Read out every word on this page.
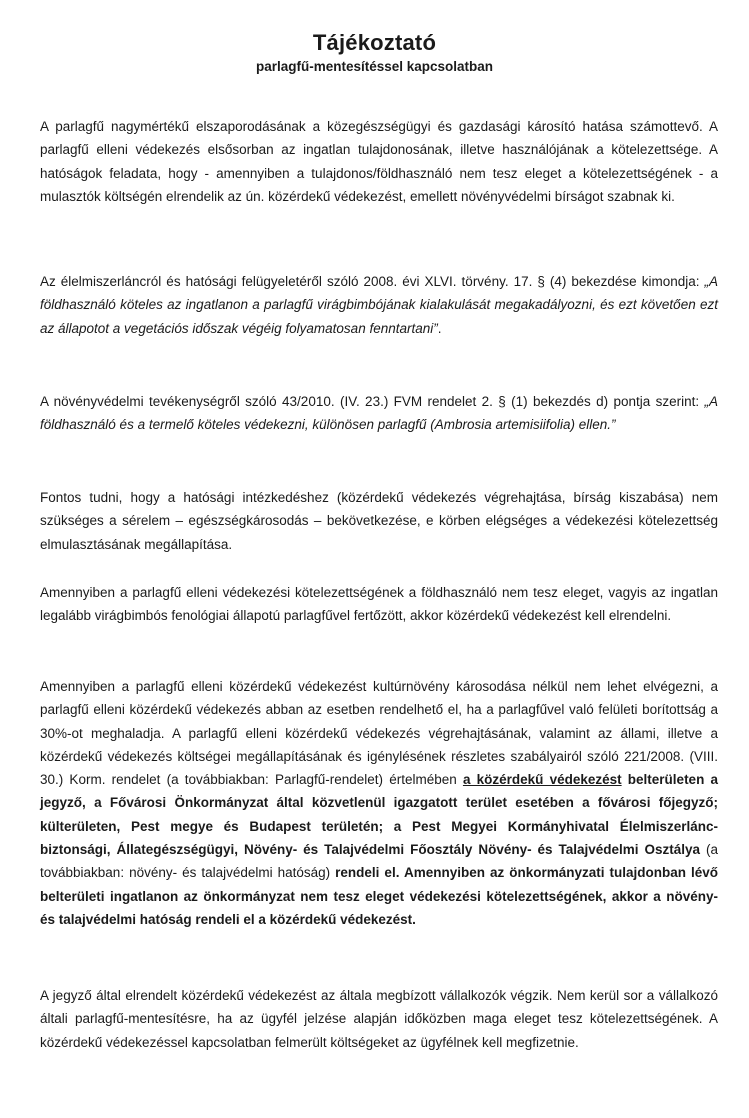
Tájékoztató
parlagfű-mentesítéssel kapcsolatban

A parlagfű nagymértékű elszaporodásának a közegészségügyi és gazdasági károsító hatása számottevő. A parlagfű elleni védekezés elsősorban az ingatlan tulajdonosának, illetve használójának a kötelezettsége. A hatóságok feladata, hogy - amennyiben a tulajdonos/földhasználó nem tesz eleget a kötelezettségének - a mulasztók költségén elrendelik az ún. közérdekű védekezést, emellett növényvédelmi bírságot szabnak ki.

Az élelmiszerláncról és hatósági felügyeletéről szóló 2008. évi XLVI. törvény. 17. § (4) bekezdése kimondja: „A földhasználó köteles az ingatlanon a parlagfű virágbimbójának kialakulását megakadályozni, és ezt követően ezt az állapotot a vegetációs időszak végéig folyamatosan fenntartani”.

A növényvédelmi tevékenységről szóló 43/2010. (IV. 23.) FVM rendelet 2. § (1) bekezdés d) pontja szerint: „A földhasználó és a termelő köteles védekezni, különösen parlagfű (Ambrosia artemisiifolia) ellen.”

Fontos tudni, hogy a hatósági intézkedéshez (közérdekű védekezés végrehajtása, bírság kiszabása) nem szükséges a sérelem – egészségkárosodás – bekövetkezése, e körben elégséges a védekezési kötelezettség elmulasztásának megállapítása.

Amennyiben a parlagfű elleni védekezési kötelezettségének a földhasználó nem tesz eleget, vagyis az ingatlan legalább virágbimbós fenológiai állapotú parlagfűvel fertőzött, akkor közérdekű védekezést kell elrendelni.

Amennyiben a parlagfű elleni közérdekű védekezést kultúrnövény károsodása nélkül nem lehet elvégezni, a parlagfű elleni közérdekű védekezés abban az esetben rendelhető el, ha a parlagfűvel való felületi borítottság a 30%-ot meghaladja. A parlagfű elleni közérdekű védekezés végrehajtásának, valamint az állami, illetve a közérdekű védekezés költségei megállapításának és igénylésének részletes szabályairól szóló 221/2008. (VIII. 30.) Korm. rendelet (a továbbiakban: Parlagfű-rendelet) értelmében a közérdekű védekezést belterületen a jegyző, a Fővárosi Önkormányzat által közvetlenül igazgatott terület esetében a fővárosi főjegyző; külterületen, Pest megye és Budapest területén; a Pest Megyei Kormányhivatal Élelmiszerlánc-biztonsági, Állategészségügyi, Növény- és Talajvédelmi Főosztály Növény- és Talajvédelmi Osztálya (a továbbiakban: növény- és talajvédelmi hatóság) rendeli el. Amennyiben az önkormányzati tulajdonban lévő belterületi ingatlanon az önkormányzat nem tesz eleget védekezési kötelezettségének, akkor a növény- és talajvédelmi hatóság rendeli el a közérdekű védekezést.

A jegyző által elrendelt közérdekű védekezést az általa megbízott vállalkozók végzik. Nem kerül sor a vállalkozó általi parlagfű-mentesítésre, ha az ügyfél jelzése alapján időközben maga eleget tesz kötelezettségének. A közérdekű védekezéssel kapcsolatban felmerült költségeket az ügyfélnek kell megfizetnie.
